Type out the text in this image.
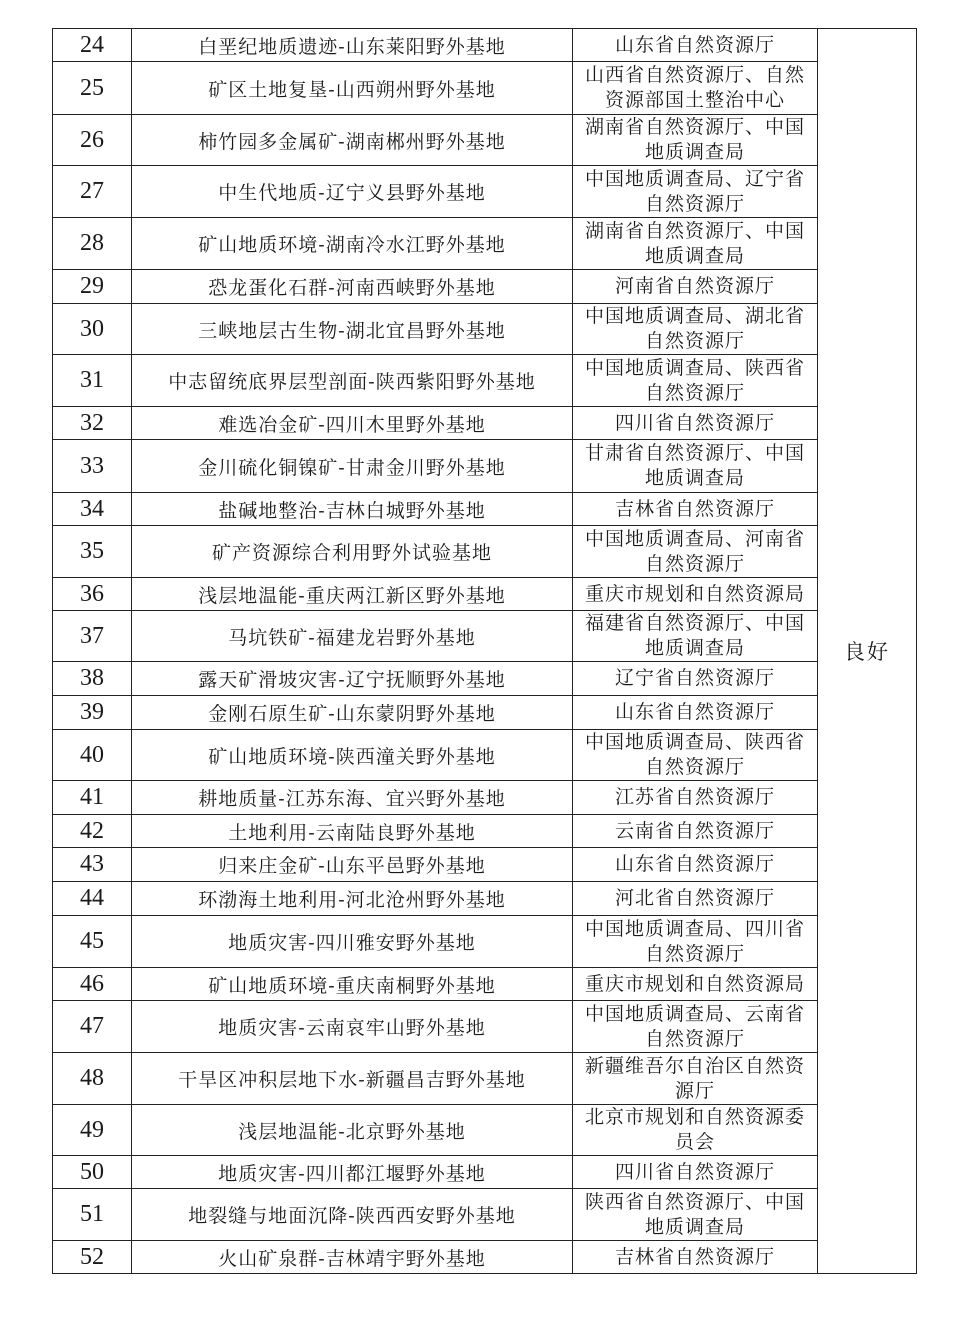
24	白垩纪地质遗迹-山东莱阳野外基地	山东省自然资源厅	良好
25	矿区土地复垦-山西朔州野外基地	山西省自然资源厅、自然
资源部国土整治中心	

26	柿竹园多金属矿-湖南郴州野外基地	湖南省自然资源厅、中国
地质调查局	

27	中生代地质-辽宁义县野外基地	中国地质调查局、辽宁省
自然资源厅	

28	矿山地质环境-湖南冷水江野外基地	湖南省自然资源厅、中国
地质调查局	

29	恐龙蛋化石群-河南西峡野外基地	河南省自然资源厅	

30	三峡地层古生物-湖北宜昌野外基地	中国地质调查局、湖北省
自然资源厅	

31	中志留统底界层型剖面-陕西紫阳野外基地	中国地质调查局、陕西省
自然资源厅	

32	难选冶金矿-四川木里野外基地	四川省自然资源厅	

33	金川硫化铜镍矿-甘肃金川野外基地	甘肃省自然资源厅、中国
地质调查局	

34	盐碱地整治-吉林白城野外基地	吉林省自然资源厅	

35	矿产资源综合利用野外试验基地	中国地质调查局、河南省
自然资源厅	

36	浅层地温能-重庆两江新区野外基地	重庆市规划和自然资源局	

37	马坑铁矿-福建龙岩野外基地	福建省自然资源厅、中国
地质调查局	

38	露天矿滑坡灾害-辽宁抚顺野外基地	辽宁省自然资源厅	

39	金刚石原生矿-山东蒙阴野外基地	山东省自然资源厅	

40	矿山地质环境-陕西潼关野外基地	中国地质调查局、陕西省
自然资源厅	

41	耕地质量-江苏东海、宜兴野外基地	江苏省自然资源厅	

42	土地利用-云南陆良野外基地	云南省自然资源厅	

43	归来庄金矿-山东平邑野外基地	山东省自然资源厅	

44	环渤海土地利用-河北沧州野外基地	河北省自然资源厅	

45	地质灾害-四川雅安野外基地	中国地质调查局、四川省
自然资源厅	

46	矿山地质环境-重庆南桐野外基地	重庆市规划和自然资源局	

47	地质灾害-云南哀牢山野外基地	中国地质调查局、云南省
自然资源厅	

48	干旱区冲积层地下水-新疆昌吉野外基地	新疆维吾尔自治区自然资
源厅	

49	浅层地温能-北京野外基地	北京市规划和自然资源委
员会	

50	地质灾害-四川都江堰野外基地	四川省自然资源厅	

51	地裂缝与地面沉降-陕西西安野外基地	陕西省自然资源厅、中国
地质调查局	

52	火山矿泉群-吉林靖宇野外基地	吉林省自然资源厅	
